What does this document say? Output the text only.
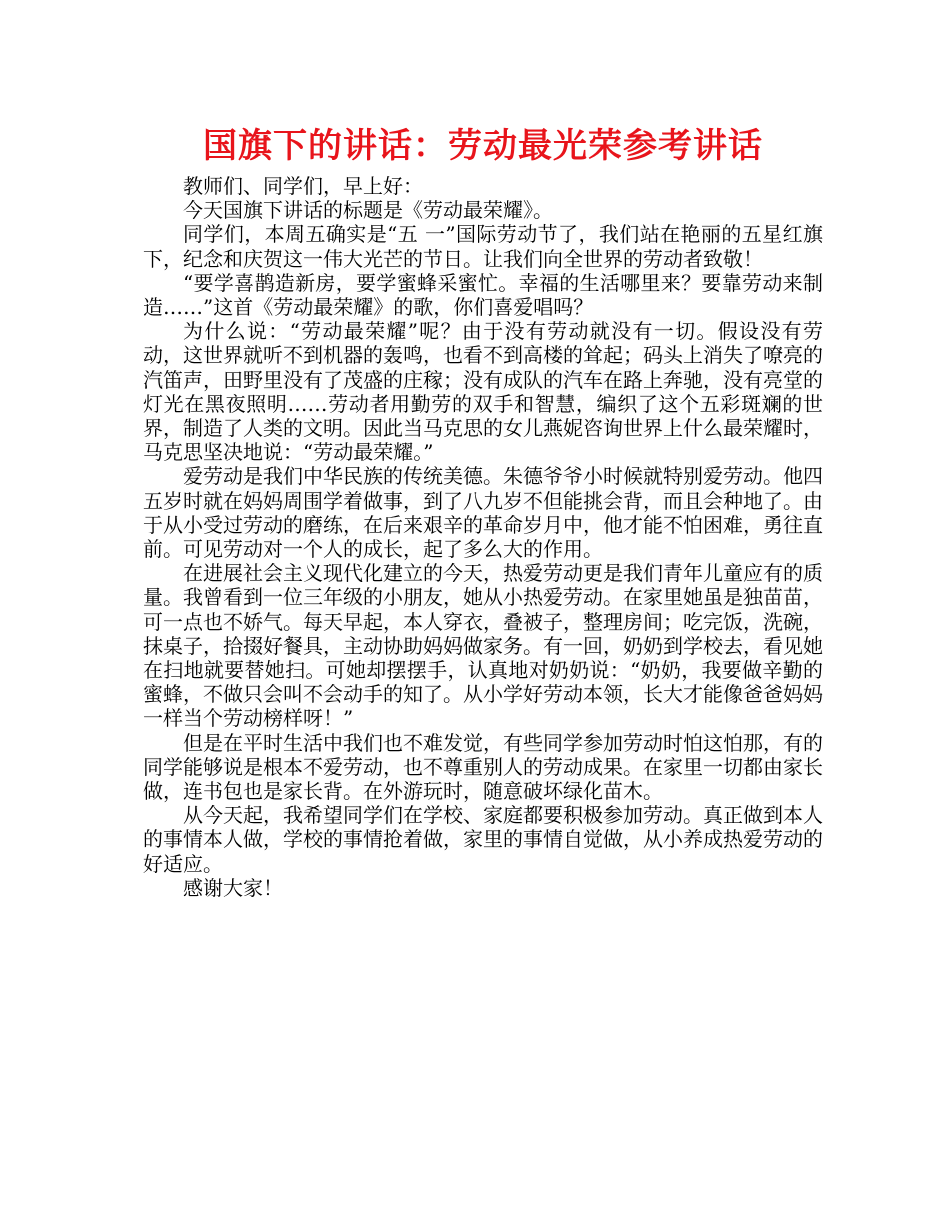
国旗下的讲话：劳动最光荣参考讲话

教师们、同学们，早上好：

今天国旗下讲话的标题是《劳动最荣耀》。

同学们，本周五确实是“五 一”国际劳动节了，我们站在艳丽的五星红旗下，纪念和庆贺这一伟大光芒的节日。让我们向全世界的劳动者致敬！

“要学喜鹊造新房，要学蜜蜂采蜜忙。幸福的生活哪里来？要靠劳动来制造……”这首《劳动最荣耀》的歌，你们喜爱唱吗？

为什么说：“劳动最荣耀”呢？由于没有劳动就没有一切。假设没有劳动，这世界就听不到机器的轰鸣，也看不到高楼的耸起；码头上消失了嘹亮的汽笛声，田野里没有了茂盛的庄稼；没有成队的汽车在路上奔驰，没有亮堂的灯光在黑夜照明……劳动者用勤劳的双手和智慧，编织了这个五彩斑斓的世界，制造了人类的文明。因此当马克思的女儿燕妮咨询世界上什么最荣耀时，马克思坚决地说：“劳动最荣耀。”

爱劳动是我们中华民族的传统美德。朱德爷爷小时候就特别爱劳动。他四五岁时就在妈妈周围学着做事，到了八九岁不但能挑会背，而且会种地了。由于从小受过劳动的磨练，在后来艰辛的革命岁月中，他才能不怕困难，勇往直前。可见劳动对一个人的成长，起了多么大的作用。

在进展社会主义现代化建立的今天，热爱劳动更是我们青年儿童应有的质量。我曾看到一位三年级的小朋友，她从小热爱劳动。在家里她虽是独苗苗，可一点也不娇气。每天早起，本人穿衣，叠被子，整理房间；吃完饭，洗碗，抹桌子，拾掇好餐具，主动协助妈妈做家务。有一回，奶奶到学校去，看见她在扫地就要替她扫。可她却摆摆手，认真地对奶奶说：“奶奶，我要做辛勤的蜜蜂，不做只会叫不会动手的知了。从小学好劳动本领，长大才能像爸爸妈妈一样当个劳动榜样呀！”

但是在平时生活中我们也不难发觉，有些同学参加劳动时怕这怕那，有的同学能够说是根本不爱劳动，也不尊重别人的劳动成果。在家里一切都由家长做，连书包也是家长背。在外游玩时，随意破坏绿化苗木。

从今天起，我希望同学们在学校、家庭都要积极参加劳动。真正做到本人的事情本人做，学校的事情抢着做，家里的事情自觉做，从小养成热爱劳动的好适应。

感谢大家！
